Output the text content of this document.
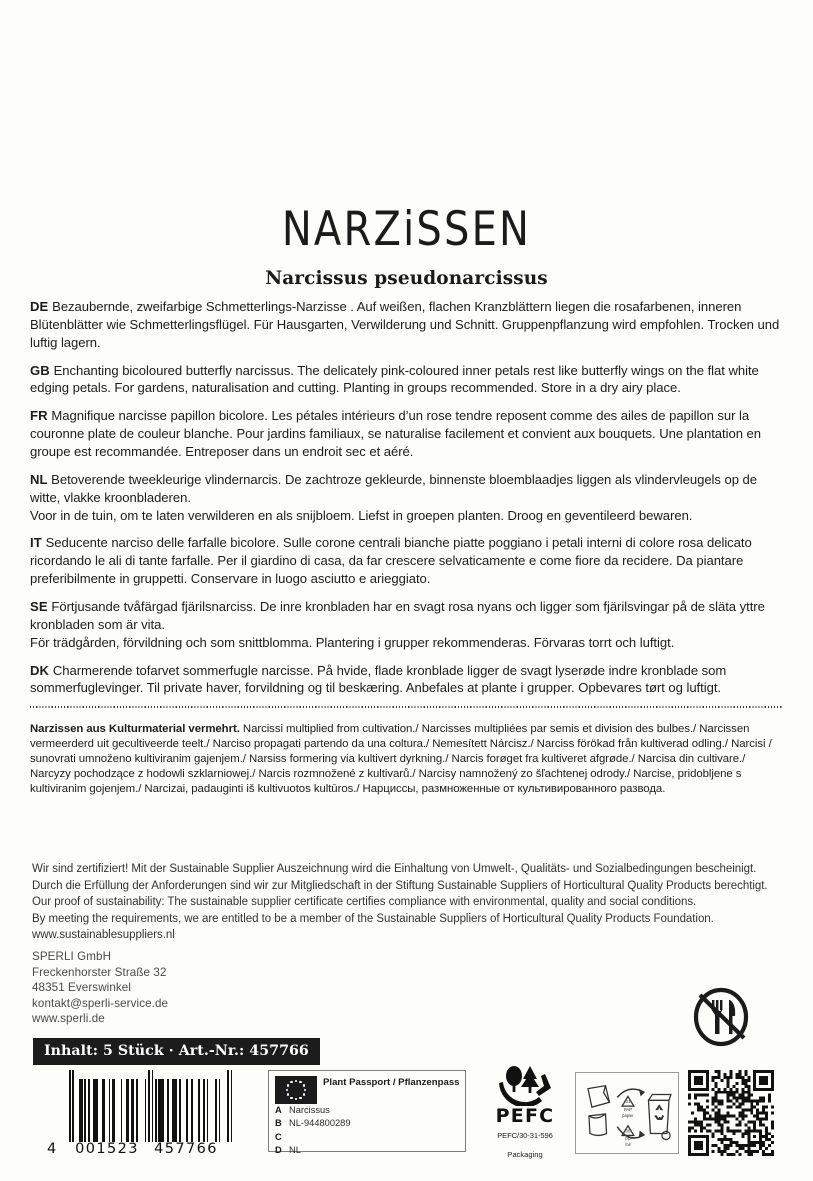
NARZiSSEN
Narcissus pseudonarcissus
DE Bezaubernde, zweifarbige Schmetterlings-Narzisse . Auf weißen, flachen Kranzblättern liegen die rosafarbenen, inneren Blütenblätter wie Schmetterlingsflügel. Für Hausgarten, Verwilderung und Schnitt. Gruppenpflanzung wird empfohlen. Trocken und luftig lagern.
GB Enchanting bicoloured butterfly narcissus. The delicately pink-coloured inner petals rest like butterfly wings on the flat white edging petals. For gardens, naturalisation and cutting. Planting in groups recommended. Store in a dry airy place.
FR Magnifique narcisse papillon bicolore. Les pétales intérieurs d’un rose tendre reposent comme des ailes de papillon sur la couronne plate de couleur blanche. Pour jardins familiaux, se naturalise facilement et convient aux bouquets. Une plantation en groupe est recommandée. Entreposer dans un endroit sec et aéré.
NL Betoverende tweekleurige vlindernarcis. De zachtroze gekleurde, binnenste bloemblaadjes liggen als vlindervleugels op de witte, vlakke kroonbladeren.
Voor in de tuin, om te laten verwilderen en als snijbloem. Liefst in groepen planten. Droog en geventileerd bewaren.
IT Seducente narciso delle farfalle bicolore. Sulle corone centrali bianche piatte poggiano i petali interni di colore rosa delicato ricordando le ali di tante farfalle. Per il giardino di casa, da far crescere selvaticamente e come fiore da recidere. Da piantare preferibilmente in gruppetti. Conservare in luogo asciutto e arieggiato.
SE Förtjusande tvåfärgad fjärilsnarciss. De inre kronbladen har en svagt rosa nyans och ligger som fjärilsvingar på de släta yttre kronbladen som är vita.
För trädgården, förvildning och som snittblomma. Plantering i grupper rekommenderas. Förvaras torrt och luftigt.
DK Charmerende tofarvet sommerfugle narcisse. På hvide, flade kronblade ligger de svagt lyserøde indre kronblade som sommerfuglevinger. Til private haver, forvildning og til beskæring. Anbefales at plante i grupper. Opbevares tørt og luftigt.
Narzissen aus Kulturmaterial vermehrt. Narcissi multiplied from cultivation./ Narcisses multipliées par semis et division des bulbes./ Narcissen vermeerderd uit gecultiveerde teelt./ Narciso propagati partendo da una coltura./ Nemesített Nárcisz./ Narciss förökad från kultiverad odling./ Narcisi / sunovrati umnoženo kultiviranim gajenjem./ Narsiss formering via kultivert dyrkning./ Narcis forøget fra kultiveret afgrøde./ Narcisa din cultivare./ Narcyzy pochodzące z hodowli szklarniowej./ Narcis rozmnožené z kultivarů./ Narcisy namnožený zo šľachtenej odrody./ Narcise, pridobljene s kultiviranim gojenjem./ Narcizai, padauginti iš kultivuotos kultūros./ Нарциссы, размноженные от культивированного развода.
Wir sind zertifiziert! Mit der Sustainable Supplier Auszeichnung wird die Einhaltung von Umwelt-, Qualitäts- und Sozialbedingungen bescheinigt.
Durch die Erfüllung der Anforderungen sind wir zur Mitgliedschaft in der Stiftung Sustainable Suppliers of Horticultural Quality Products berechtigt.
Our proof of sustainability: The sustainable supplier certificate certifies compliance with environmental, quality and social conditions.
By meeting the requirements, we are entitled to be a member of the Sustainable Suppliers of Horticultural Quality Products Foundation.
www.sustainablesuppliers.nl
SPERLI GmbH
Freckenhorster Straße 32
48351 Everswinkel
kontakt@sperli-service.de
www.sperli.de
Inhalt: 5 Stück · Art.-Nr.: 457766
4	001523	457766
Plant Passport / Pflanzenpass
A Narcissus
B NL-944800289
C
D NL
PEFC
PEFC/30-31-596
Packaging
21
PAP
papier
05
PP
foil
